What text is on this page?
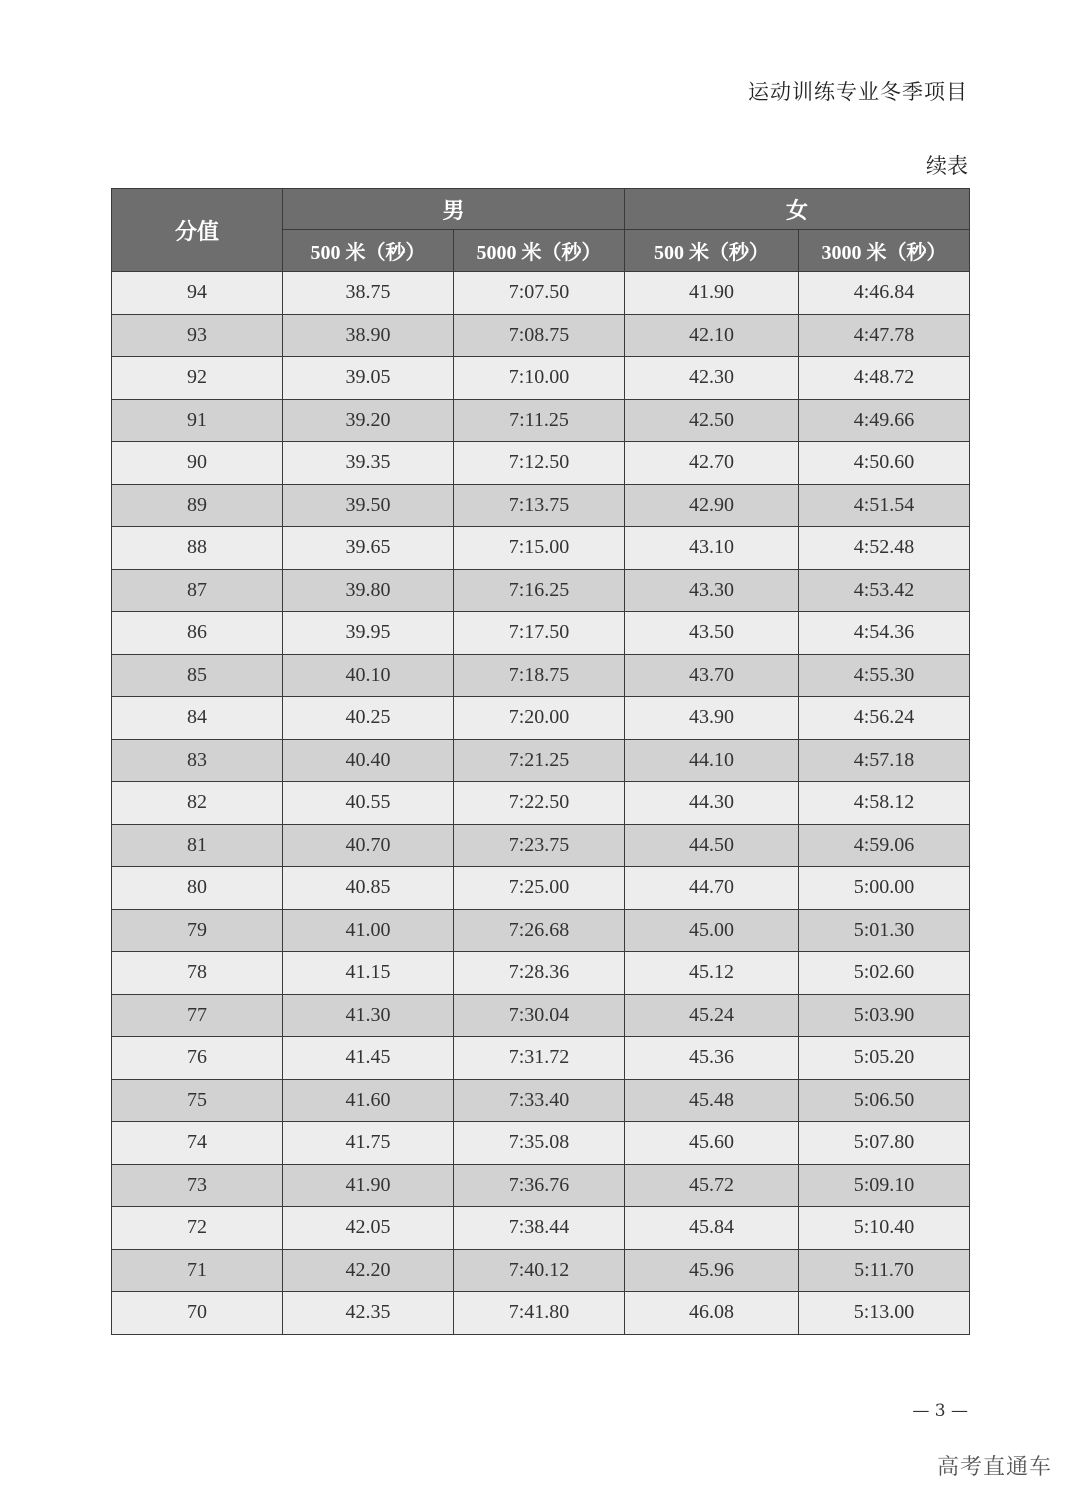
运动训练专业冬季项目
续表
分值	男		女	
	500 米（秒）	5000 米（秒）	500 米（秒）	3000 米（秒）
94	38.75	7:07.50	41.90	4:46.84
93	38.90	7:08.75	42.10	4:47.78
92	39.05	7:10.00	42.30	4:48.72
91	39.20	7:11.25	42.50	4:49.66
90	39.35	7:12.50	42.70	4:50.60
89	39.50	7:13.75	42.90	4:51.54
88	39.65	7:15.00	43.10	4:52.48
87	39.80	7:16.25	43.30	4:53.42
86	39.95	7:17.50	43.50	4:54.36
85	40.10	7:18.75	43.70	4:55.30
84	40.25	7:20.00	43.90	4:56.24
83	40.40	7:21.25	44.10	4:57.18
82	40.55	7:22.50	44.30	4:58.12
81	40.70	7:23.75	44.50	4:59.06
80	40.85	7:25.00	44.70	5:00.00
79	41.00	7:26.68	45.00	5:01.30
78	41.15	7:28.36	45.12	5:02.60
77	41.30	7:30.04	45.24	5:03.90
76	41.45	7:31.72	45.36	5:05.20
75	41.60	7:33.40	45.48	5:06.50
74	41.75	7:35.08	45.60	5:07.80
73	41.90	7:36.76	45.72	5:09.10
72	42.05	7:38.44	45.84	5:10.40
71	42.20	7:40.12	45.96	5:11.70
70	42.35	7:41.80	46.08	5:13.00
— 3 —
高考直通车
